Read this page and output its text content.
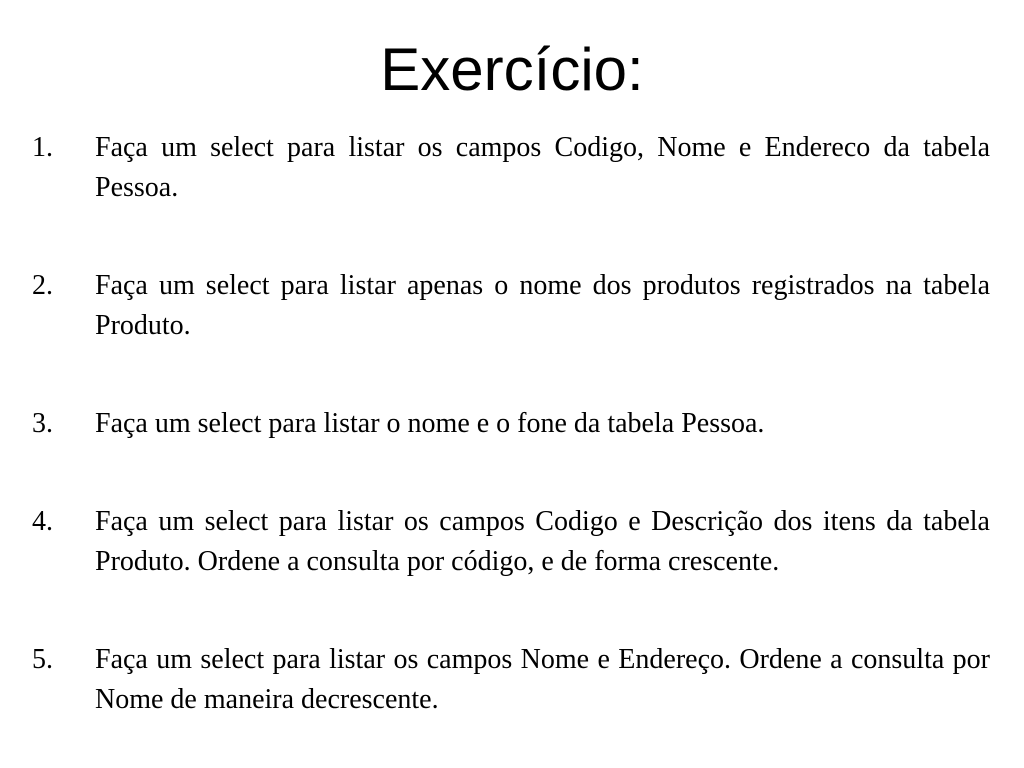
Exercício:
1.	Faça um select para listar os campos Codigo, Nome e Endereco da tabela Pessoa.
2.	Faça um select para listar apenas o nome dos produtos registrados na tabela Produto.
3.	Faça um select para listar o nome e o fone da tabela Pessoa.
4.	Faça um select para listar os campos Codigo e Descrição dos itens da tabela Produto. Ordene a consulta por código, e de forma crescente.
5.	Faça um select para listar os campos Nome e Endereço. Ordene a consulta por Nome de maneira decrescente.
